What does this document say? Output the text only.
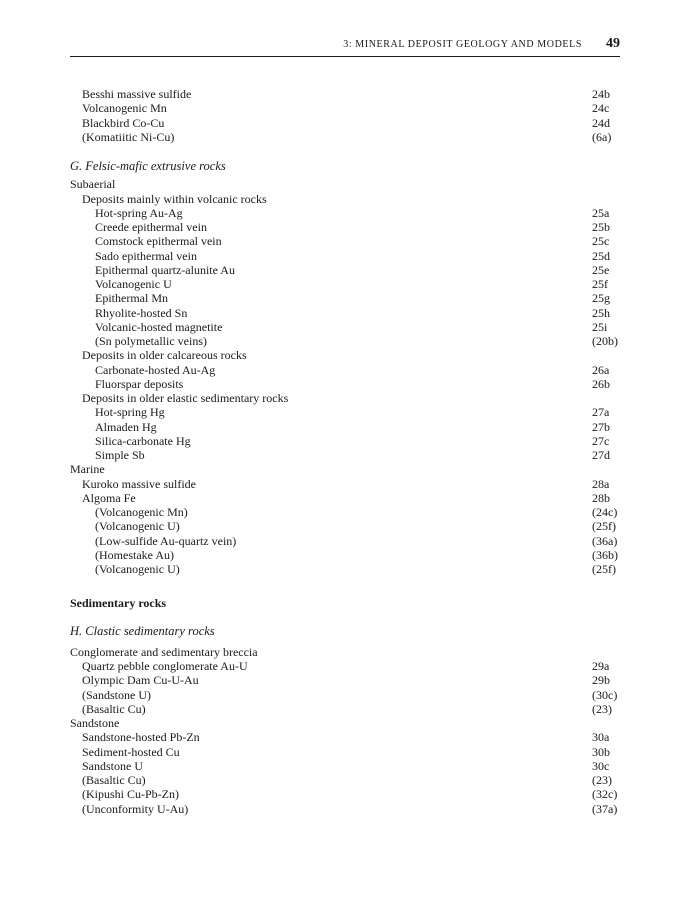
3: MINERAL DEPOSIT GEOLOGY AND MODELS 49
Besshi massive sulfide	24b
Volcanogenic Mn	24c
Blackbird Co-Cu	24d
(Komatiitic Ni-Cu)	(6a)
G. Felsic-mafic extrusive rocks
Subaerial
Deposits mainly within volcanic rocks
Hot-spring Au-Ag	25a
Creede epithermal vein	25b
Comstock epithermal vein	25c
Sado epithermal vein	25d
Epithermal quartz-alunite Au	25e
Volcanogenic U	25f
Epithermal Mn	25g
Rhyolite-hosted Sn	25h
Volcanic-hosted magnetite	25i
(Sn polymetallic veins)	(20b)
Deposits in older calcareous rocks
Carbonate-hosted Au-Ag	26a
Fluorspar deposits	26b
Deposits in older elastic sedimentary rocks
Hot-spring Hg	27a
Almaden Hg	27b
Silica-carbonate Hg	27c
Simple Sb	27d
Marine
Kuroko massive sulfide	28a
Algoma Fe	28b
(Volcanogenic Mn)	(24c)
(Volcanogenic U)	(25f)
(Low-sulfide Au-quartz vein)	(36a)
(Homestake Au)	(36b)
(Volcanogenic U)	(25f)
Sedimentary rocks
H. Clastic sedimentary rocks
Conglomerate and sedimentary breccia
Quartz pebble conglomerate Au-U	29a
Olympic Dam Cu-U-Au	29b
(Sandstone U)	(30c)
(Basaltic Cu)	(23)
Sandstone
Sandstone-hosted Pb-Zn	30a
Sediment-hosted Cu	30b
Sandstone U	30c
(Basaltic Cu)	(23)
(Kipushi Cu-Pb-Zn)	(32c)
(Unconformity U-Au)	(37a)
